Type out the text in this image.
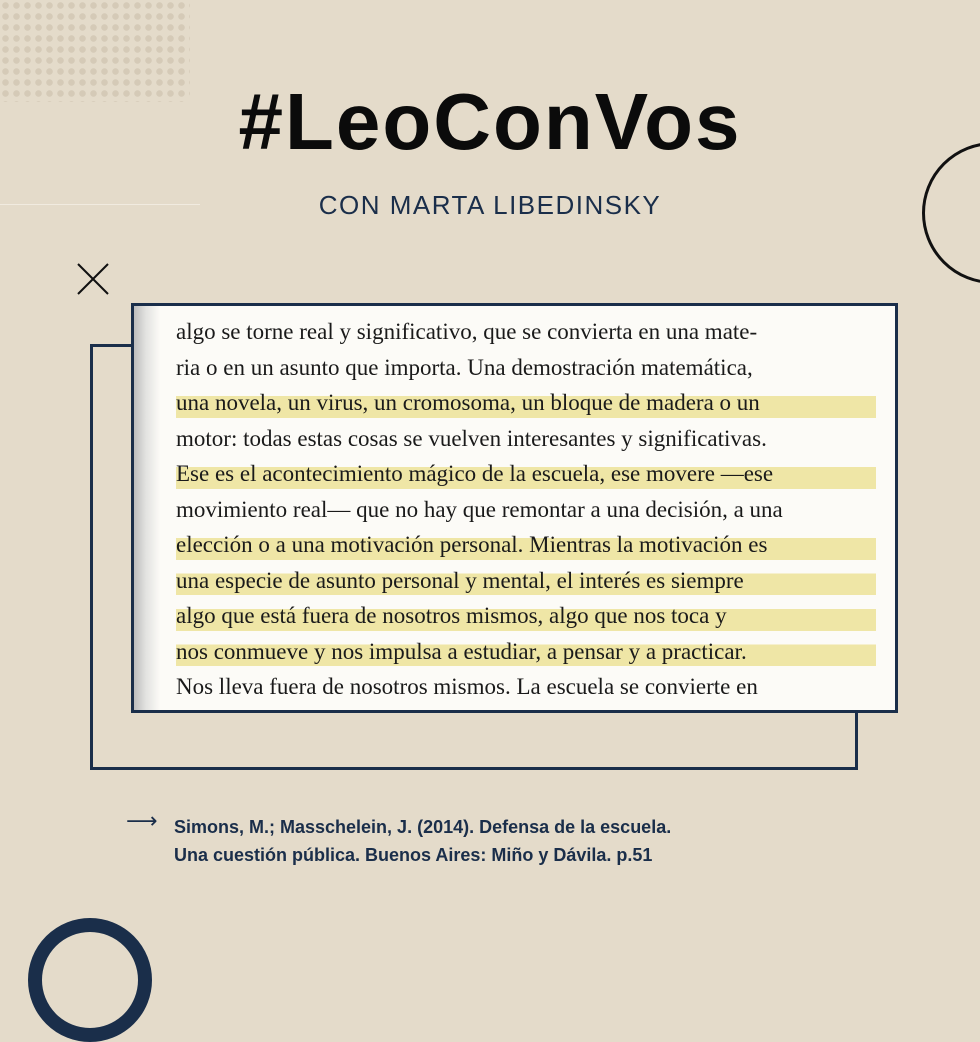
#LeoConVos
CON MARTA LIBEDINSKY
algo se torne real y significativo, que se convierta en una mate-
ria o en un asunto que importa. Una demostración matemática,
una novela, un virus, un cromosoma, un bloque de madera o un
motor: todas estas cosas se vuelven interesantes y significativas.
Ese es el acontecimiento mágico de la escuela, ese movere —ese
movimiento real— que no hay que remontar a una decisión, a una
elección o a una motivación personal. Mientras la motivación es
una especie de asunto personal y mental, el interés es siempre
algo que está fuera de nosotros mismos, algo que nos toca y
nos conmueve y nos impulsa a estudiar, a pensar y a practicar.
Nos lleva fuera de nosotros mismos. La escuela se convierte en
⟶ Simons, M.; Masschelein, J. (2014). Defensa de la escuela.
Una cuestión pública. Buenos Aires: Miño y Dávila. p.51
